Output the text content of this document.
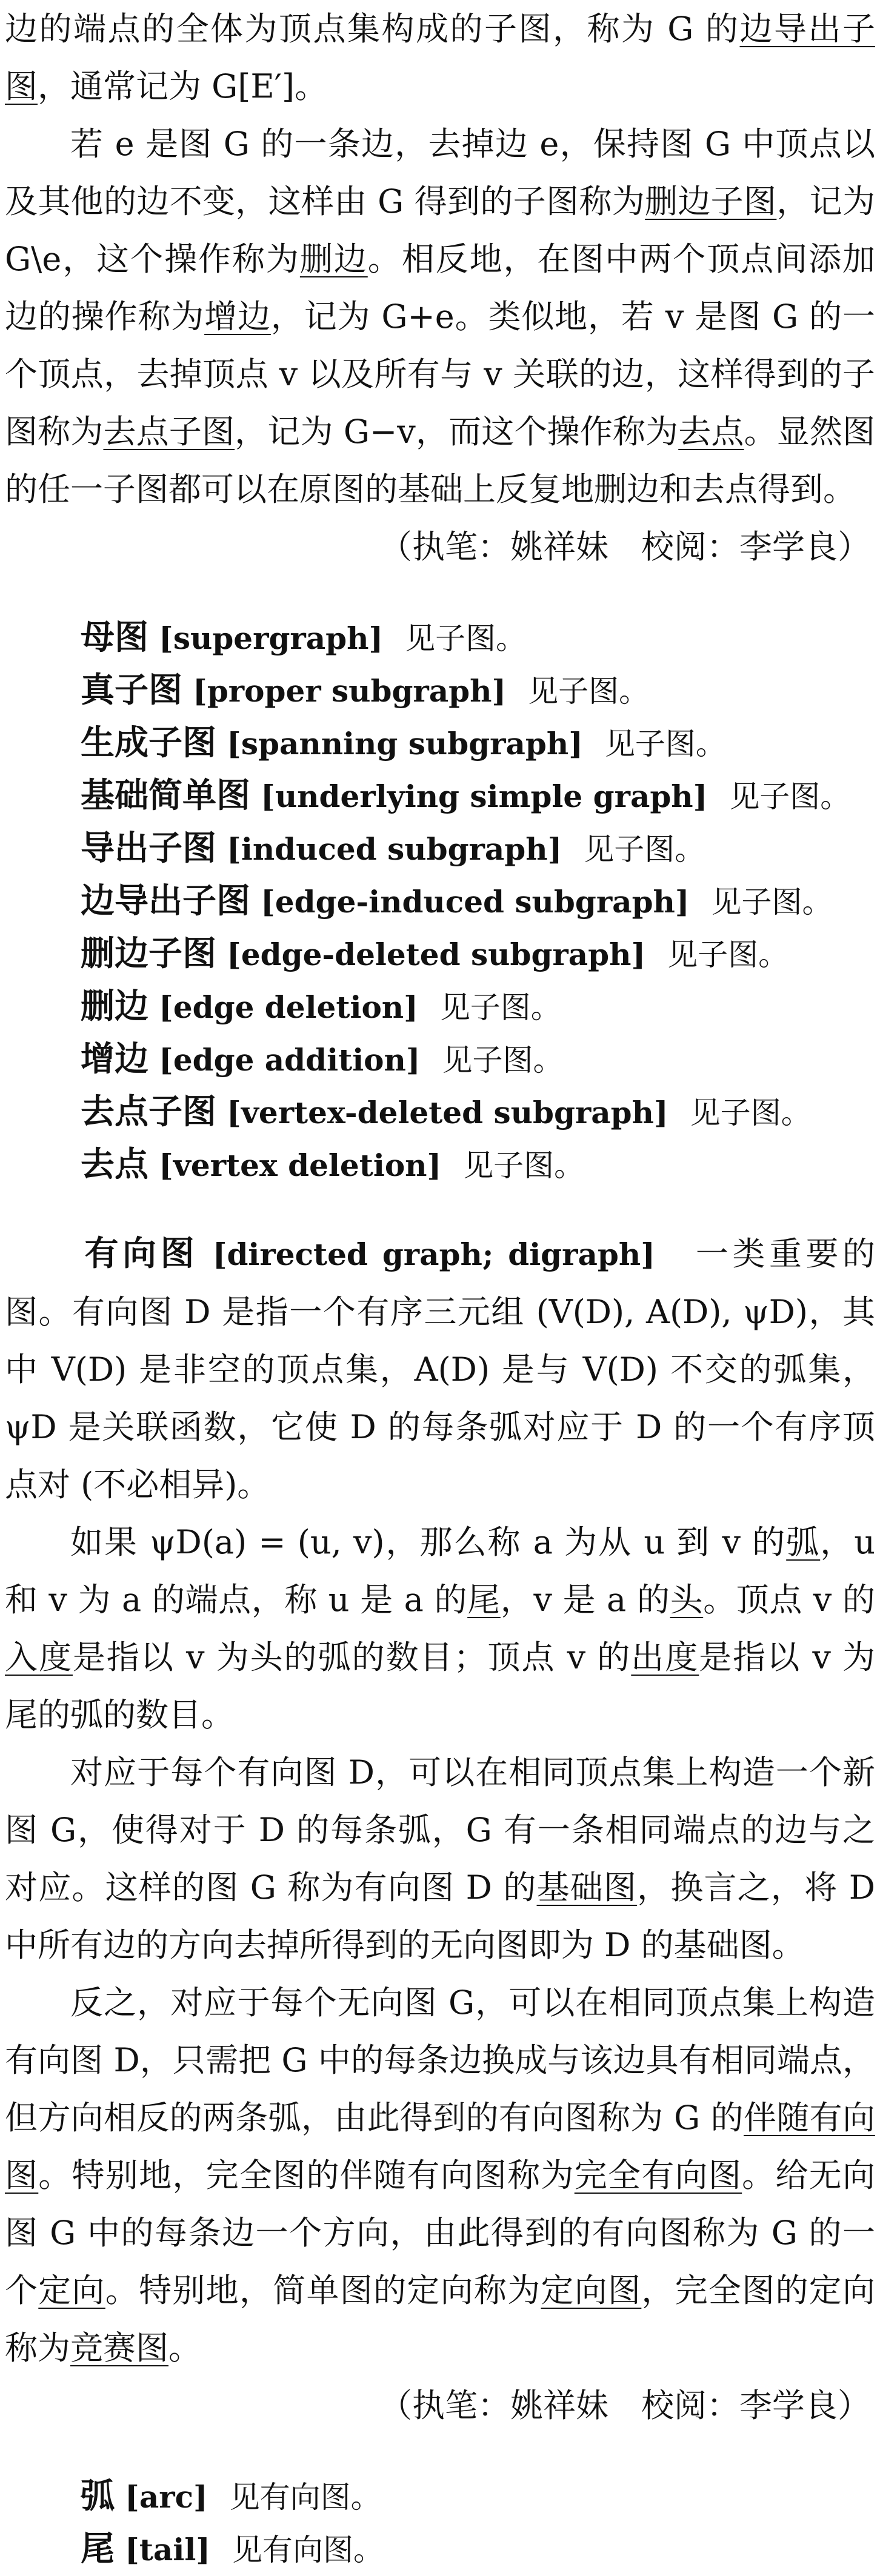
边的端点的全体为顶点集构成的子图，称为 G 的边导出子图，通常记为 G[E′]。

若 e 是图 G 的一条边，去掉边 e，保持图 G 中顶点以及其他的边不变，这样由 G 得到的子图称为删边子图，记为 G\e，这个操作称为删边。相反地，在图中两个顶点间添加边的操作称为增边，记为 G+e。类似地，若 v 是图 G 的一个顶点，去掉顶点 v 以及所有与 v 关联的边，这样得到的子图称为去点子图，记为 G−v，而这个操作称为去点。显然图的任一子图都可以在原图的基础上反复地删边和去点得到。

（执笔：姚祥妹　校阅：李学良）

母图 [supergraph] 见子图。

真子图 [proper subgraph] 见子图。

生成子图 [spanning subgraph] 见子图。

基础简单图 [underlying simple graph] 见子图。

导出子图 [induced subgraph] 见子图。

边导出子图 [edge-induced subgraph] 见子图。

删边子图 [edge-deleted subgraph] 见子图。

删边 [edge deletion] 见子图。

增边 [edge addition] 见子图。

去点子图 [vertex-deleted subgraph] 见子图。

去点 [vertex deletion] 见子图。

有向图 [directed graph; digraph]　 一类重要的图。有向图 D 是指一个有序三元组 (V(D), A(D), ψD)，其中 V(D) 是非空的顶点集，A(D) 是与 V(D) 不交的弧集，ψD 是关联函数，它使 D 的每条弧对应于 D 的一个有序顶点对 (不必相异)。

如果 ψD(a) = (u, v)，那么称 a 为从 u 到 v 的弧，u 和 v 为 a 的端点，称 u 是 a 的尾，v 是 a 的头。顶点 v 的入度是指以 v 为头的弧的数目；顶点 v 的出度是指以 v 为尾的弧的数目。

对应于每个有向图 D，可以在相同顶点集上构造一个新图 G，使得对于 D 的每条弧，G 有一条相同端点的边与之对应。这样的图 G 称为有向图 D 的基础图，换言之，将 D 中所有边的方向去掉所得到的无向图即为 D 的基础图。

反之，对应于每个无向图 G，可以在相同顶点集上构造有向图 D，只需把 G 中的每条边换成与该边具有相同端点，但方向相反的两条弧，由此得到的有向图称为 G 的伴随有向图。特别地，完全图的伴随有向图称为完全有向图。给无向图 G 中的每条边一个方向，由此得到的有向图称为 G 的一个定向。特别地，简单图的定向称为定向图，完全图的定向称为竞赛图。

（执笔：姚祥妹　校阅：李学良）

弧 [arc] 见有向图。

尾 [tail] 见有向图。
